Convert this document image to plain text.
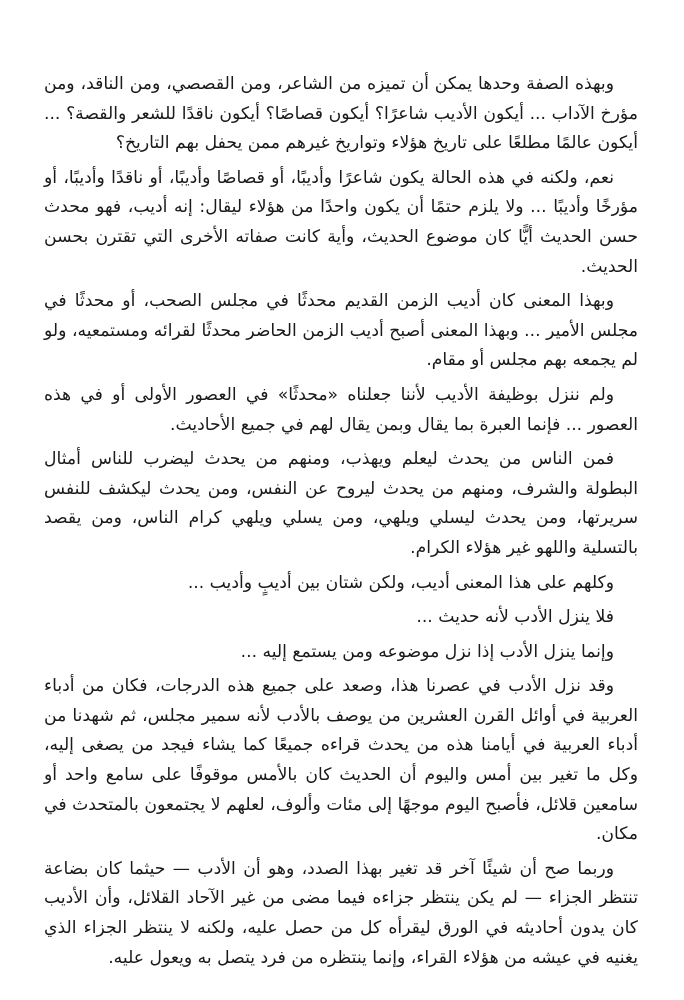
وبهذه الصفة وحدها يمكن أن تميزه من الشاعر، ومن القصصي، ومن الناقد، ومن مؤرخ الآداب ... أيكون الأديب شاعرًا؟ أيكون قصاصًا؟ أيكون ناقدًا للشعر والقصة؟ ... أيكون عالمًا مطلعًا على تاريخ هؤلاء وتواريخ غيرهم ممن يحفل بهم التاريخ؟

نعم، ولكنه في هذه الحالة يكون شاعرًا وأديبًا، أو قصاصًا وأديبًا، أو ناقدًا وأديبًا، أو مؤرخًا وأديبًا ... ولا يلزم حتمًا أن يكون واحدًا من هؤلاء ليقال: إنه أديب، فهو محدث حسن الحديث أيًّا كان موضوع الحديث، وأية كانت صفاته الأخرى التي تقترن بحسن الحديث.

وبهذا المعنى كان أديب الزمن القديم محدثًا في مجلس الصحب، أو محدثًا في مجلس الأمير ... وبهذا المعنى أصبح أديب الزمن الحاضر محدثًا لقرائه ومستمعيه، ولو لم يجمعه بهم مجلس أو مقام.

ولم ننزل بوظيفة الأديب لأننا جعلناه «محدثًا» في العصور الأولى أو في هذه العصور ... فإنما العبرة بما يقال وبمن يقال لهم في جميع الأحاديث.

فمن الناس من يحدث ليعلم ويهذب، ومنهم من يحدث ليضرب للناس أمثال البطولة والشرف، ومنهم من يحدث ليروح عن النفس، ومن يحدث ليكشف للنفس سريرتها، ومن يحدث ليسلي ويلهي، ومن يسلي ويلهي كرام الناس، ومن يقصد بالتسلية واللهو غير هؤلاء الكرام.

وكلهم على هذا المعنى أديب، ولكن شتان بين أديبٍ وأديب ...

فلا ينزل الأدب لأنه حديث ...

وإنما ينزل الأدب إذا نزل موضوعه ومن يستمع إليه ...

وقد نزل الأدب في عصرنا هذا، وصعد على جميع هذه الدرجات، فكان من أدباء العربية في أوائل القرن العشرين من يوصف بالأدب لأنه سمير مجلس، ثم شهدنا من أدباء العربية في أيامنا هذه من يحدث قراءه جميعًا كما يشاء فيجد من يصغى إليه، وكل ما تغير بين أمس واليوم أن الحديث كان بالأمس موقوفًا على سامع واحد أو سامعين قلائل، فأصبح اليوم موجهًا إلى مئات وألوف، لعلهم لا يجتمعون بالمتحدث في مكان.

وربما صح أن شيئًا آخر قد تغير بهذا الصدد، وهو أن الأدب — حيثما كان بضاعة تنتظر الجزاء — لم يكن ينتظر جزاءه فيما مضى من غير الآحاد القلائل، وأن الأديب كان يدون أحاديثه في الورق ليقرأه كل من حصل عليه، ولكنه لا ينتظر الجزاء الذي يغنيه في عيشه من هؤلاء القراء، وإنما ينتظره من فرد يتصل به ويعول عليه.
